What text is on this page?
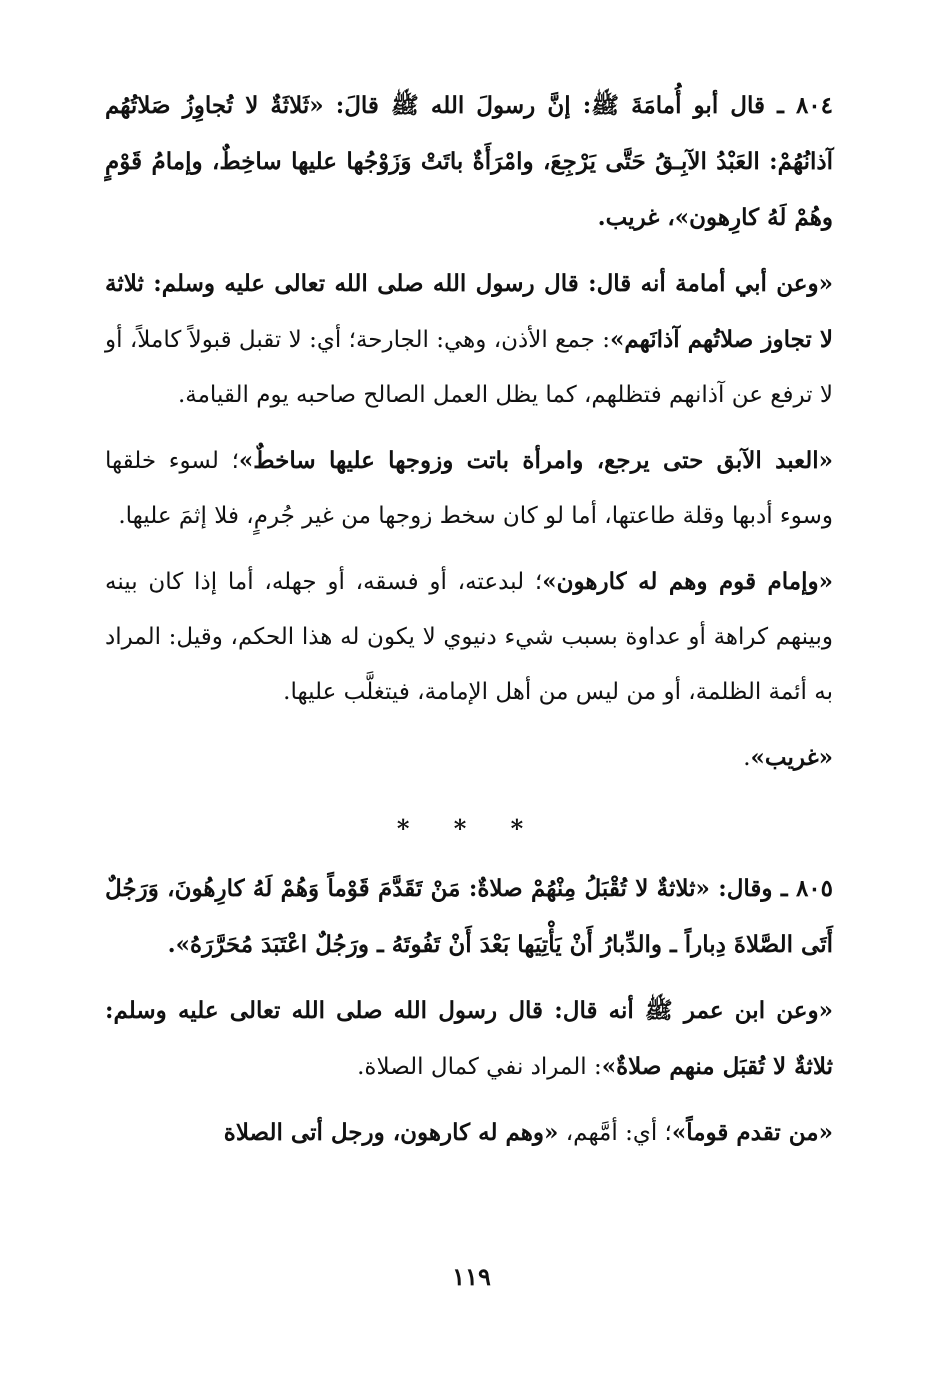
٨٠٤ ـ قال أبو أُمامَةَ ﷺ: إنَّ رسولَ الله ﷺ قالَ: «ثَلاثَةٌ لا تُجاوِزُ صَلاتُهُم آذانُهُمْ: العَبْدُ الآبِـقُ حَتَّى يَرْجِعَ، وامْرَأَةٌ باتَتْ وَزَوْجُها عليها ساخِطٌ، وإمامُ قَوْمٍ وهُمْ لَهُ كارِهون»، غريب.

«وعن أبي أمامة أنه قال: قال رسول الله صلى الله تعالى عليه وسلم: ثلاثة لا تجاوز صلاتُهم آذانَهم»: جمع الأذن، وهي: الجارحة؛ أي: لا تقبل قبولاً كاملاً، أو لا ترفع عن آذانهم فتظلهم، كما يظل العمل الصالح صاحبه يوم القيامة.

«العبد الآبق حتى يرجع، وامرأة باتت وزوجها عليها ساخطٌ»؛ لسوء خلقها وسوء أدبها وقلة طاعتها، أما لو كان سخط زوجها من غير جُرمٍ، فلا إثمَ عليها.

«وإمام قوم وهم له كارهون»؛ لبدعته، أو فسقه، أو جهله، أما إذا كان بينه وبينهم كراهة أو عداوة بسبب شيء دنيوي لا يكون له هذا الحكم، وقيل: المراد به أئمة الظلمة، أو من ليس من أهل الإمامة، فيتغلَّب عليها.

«غريب».

* * *

٨٠٥ ـ وقال: «ثلاثةٌ لا تُقْبَلُ مِنْهُمْ صلاةٌ: مَنْ تَقَدَّمَ قَوْماً وَهُمْ لَهُ كارِهُونَ، وَرَجُلٌ أَتَى الصَّلاةَ دِباراً ـ والدِّبارُ أَنْ يَأْتِيَها بَعْدَ أَنْ تَفُوتَهُ ـ ورَجُلٌ اعْتَبَدَ مُحَرَّرَهُ».

«وعن ابن عمر ﷺ أنه قال: قال رسول الله صلى الله تعالى عليه وسلم: ثلاثةٌ لا تُقبَل منهم صلاةٌ»: المراد نفي كمال الصلاة.

«من تقدم قوماً»؛ أي: أمَّهم، «وهم له كارهون، ورجل أتى الصلاة

١١٩
